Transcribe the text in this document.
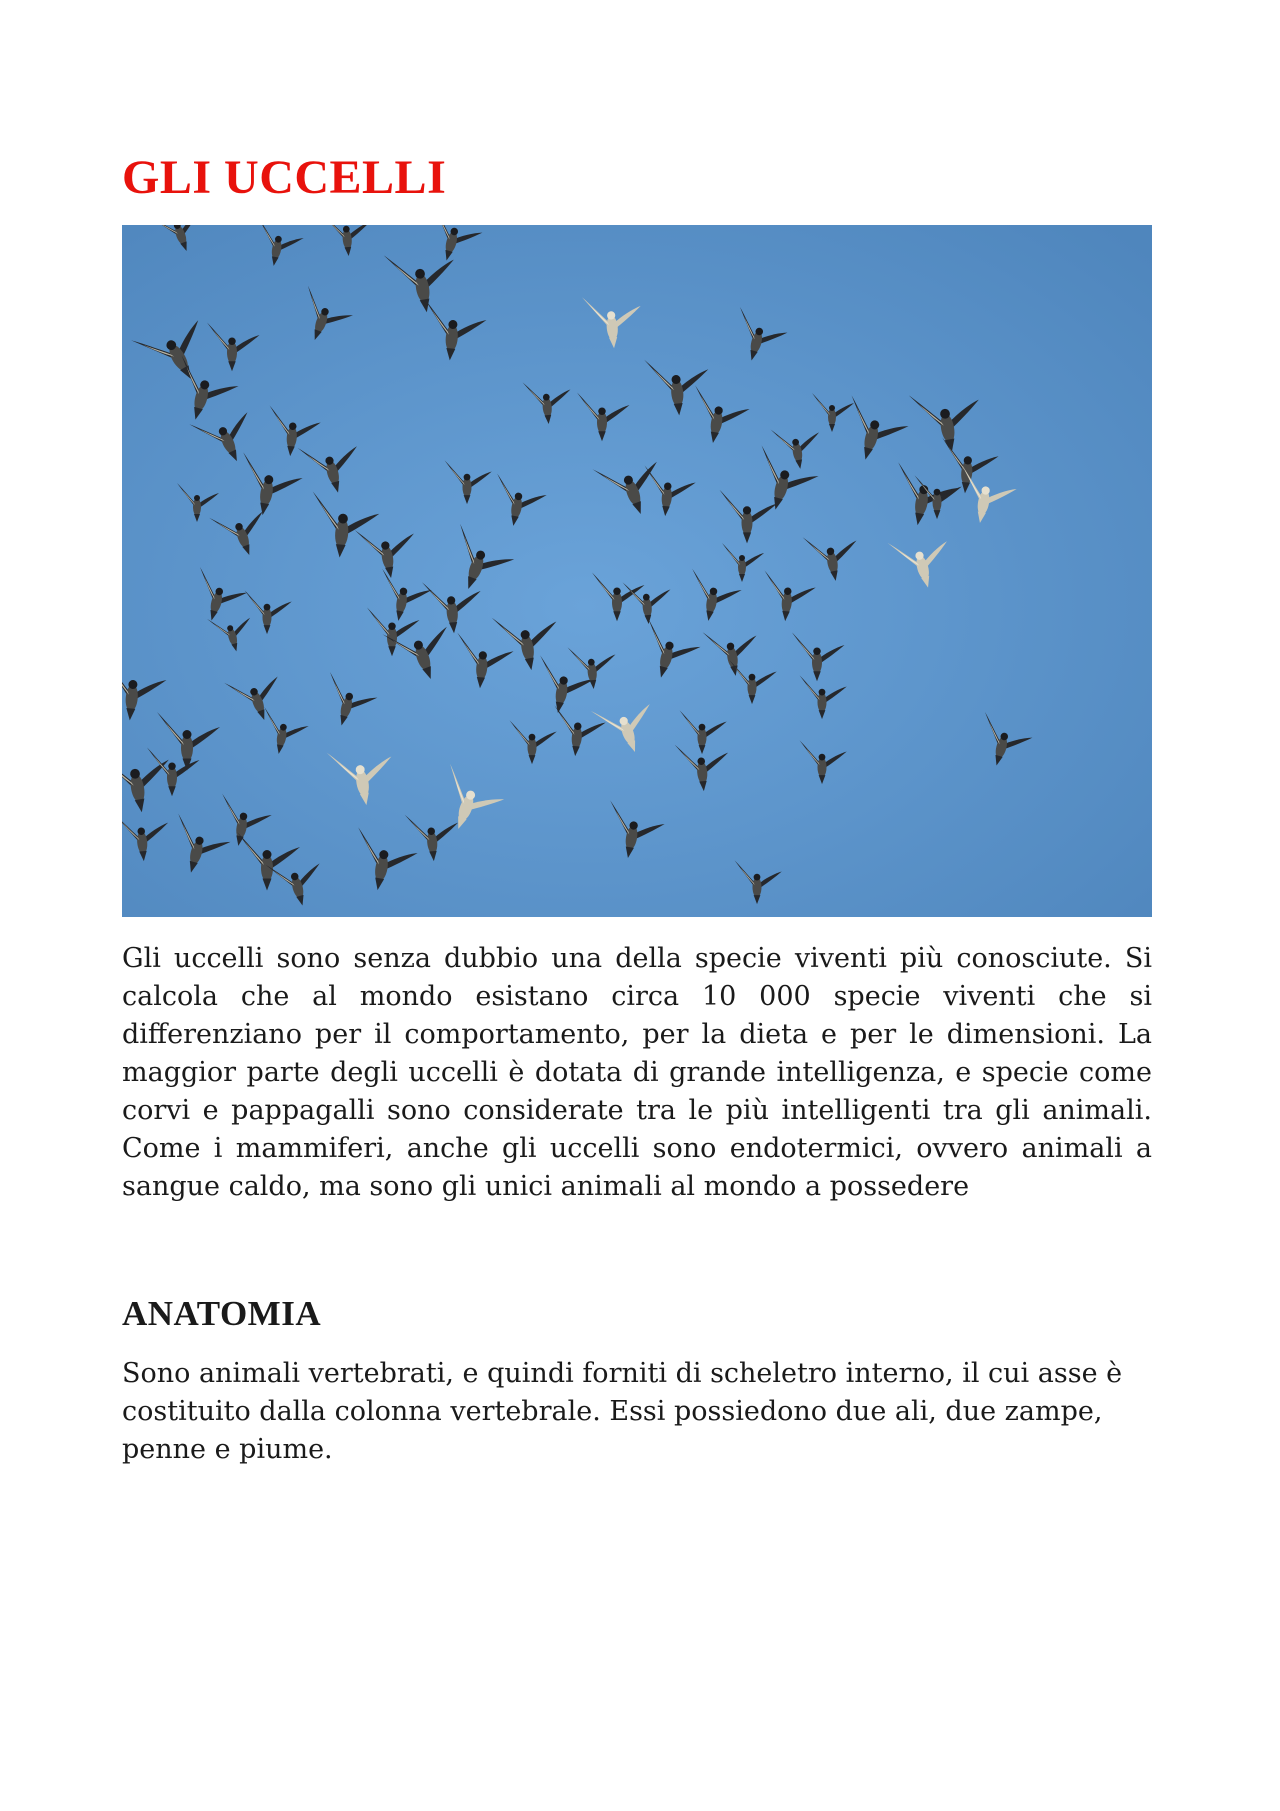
GLI UCCELLI

Gli uccelli sono senza dubbio una della specie viventi più conosciute. Si calcola che al mondo esistano circa 10 000 specie viventi che si differenziano per il comportamento, per la dieta e per le dimensioni. La maggior parte degli uccelli è dotata di grande intelligenza, e specie come corvi e pappagalli sono considerate tra le più intelligenti tra gli animali. Come i mammiferi, anche gli uccelli sono endotermici, ovvero animali a sangue caldo, ma sono gli unici animali al mondo a possedere

ANATOMIA

Sono animali vertebrati, e quindi forniti di scheletro interno, il cui asse è costituito dalla colonna vertebrale. Essi possiedono due ali, due zampe, penne e piume.
